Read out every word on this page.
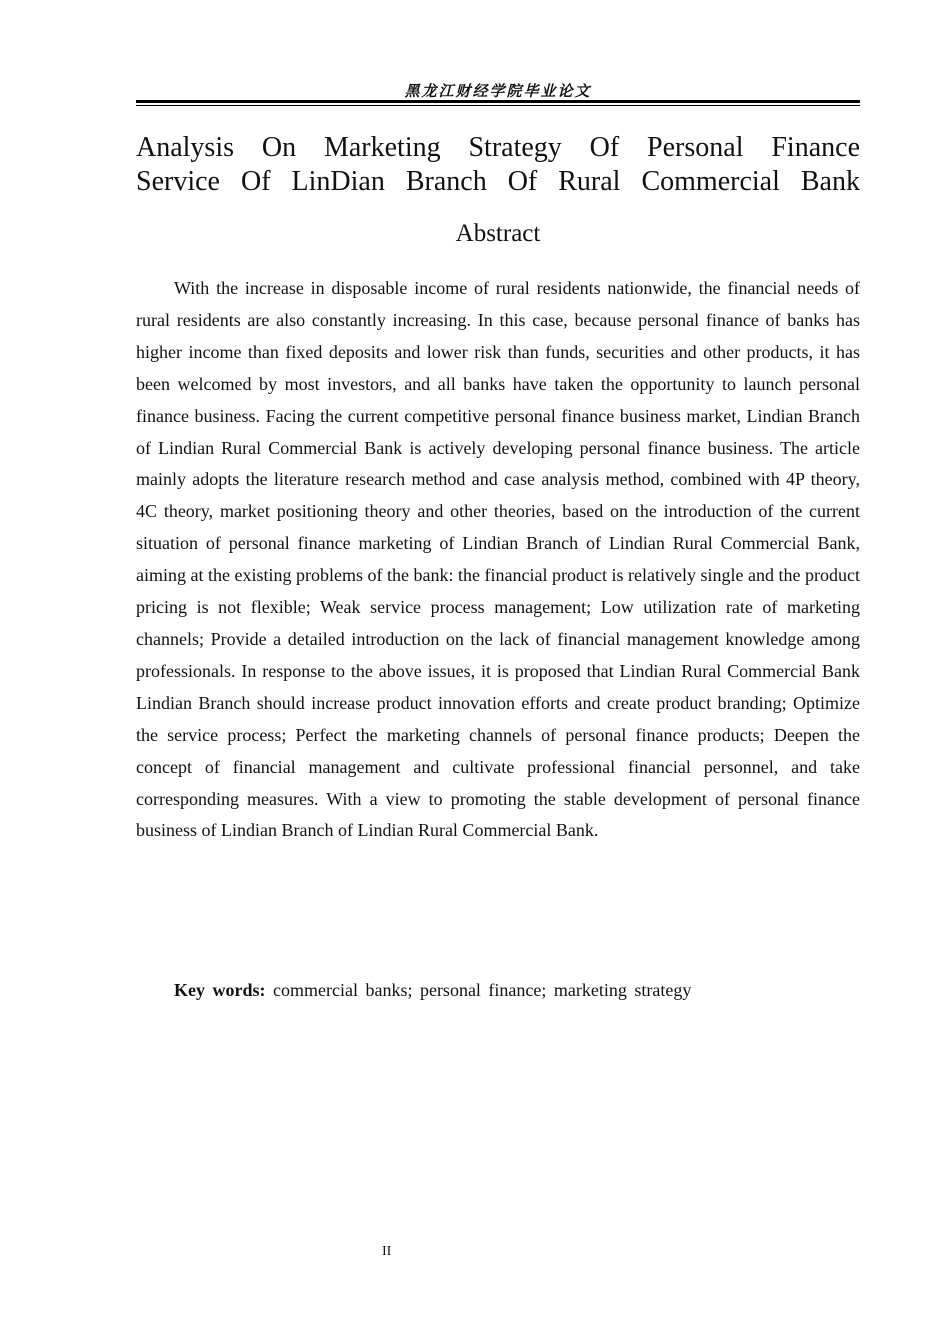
黑龙江财经学院毕业论文
Analysis On Marketing Strategy Of Personal Finance
Service Of LinDian Branch Of Rural Commercial Bank
Abstract

With the increase in disposable income of rural residents nationwide, the financial needs of rural residents are also constantly increasing. In this case, because personal finance of banks has higher income than fixed deposits and lower risk than funds, securities and other products, it has been welcomed by most investors, and all banks have taken the opportunity to launch personal finance business. Facing the current competitive personal finance business market, Lindian Branch of Lindian Rural Commercial Bank is actively developing personal finance business. The article mainly adopts the literature research method and case analysis method, combined with 4P theory, 4C theory, market positioning theory and other theories, based on the introduction of the current situation of personal finance marketing of Lindian Branch of Lindian Rural Commercial Bank, aiming at the existing problems of the bank: the financial product is relatively single and the product pricing is not flexible; Weak service process management; Low utilization rate of marketing channels; Provide a detailed introduction on the lack of financial management knowledge among professionals. In response to the above issues, it is proposed that Lindian Rural Commercial Bank Lindian Branch should increase product innovation efforts and create product branding; Optimize the service process; Perfect the marketing channels of personal finance products; Deepen the concept of financial management and cultivate professional financial personnel, and take corresponding measures. With a view to promoting the stable development of personal finance business of Lindian Branch of Lindian Rural Commercial Bank.

Key words: commercial banks; personal finance; marketing strategy
II
